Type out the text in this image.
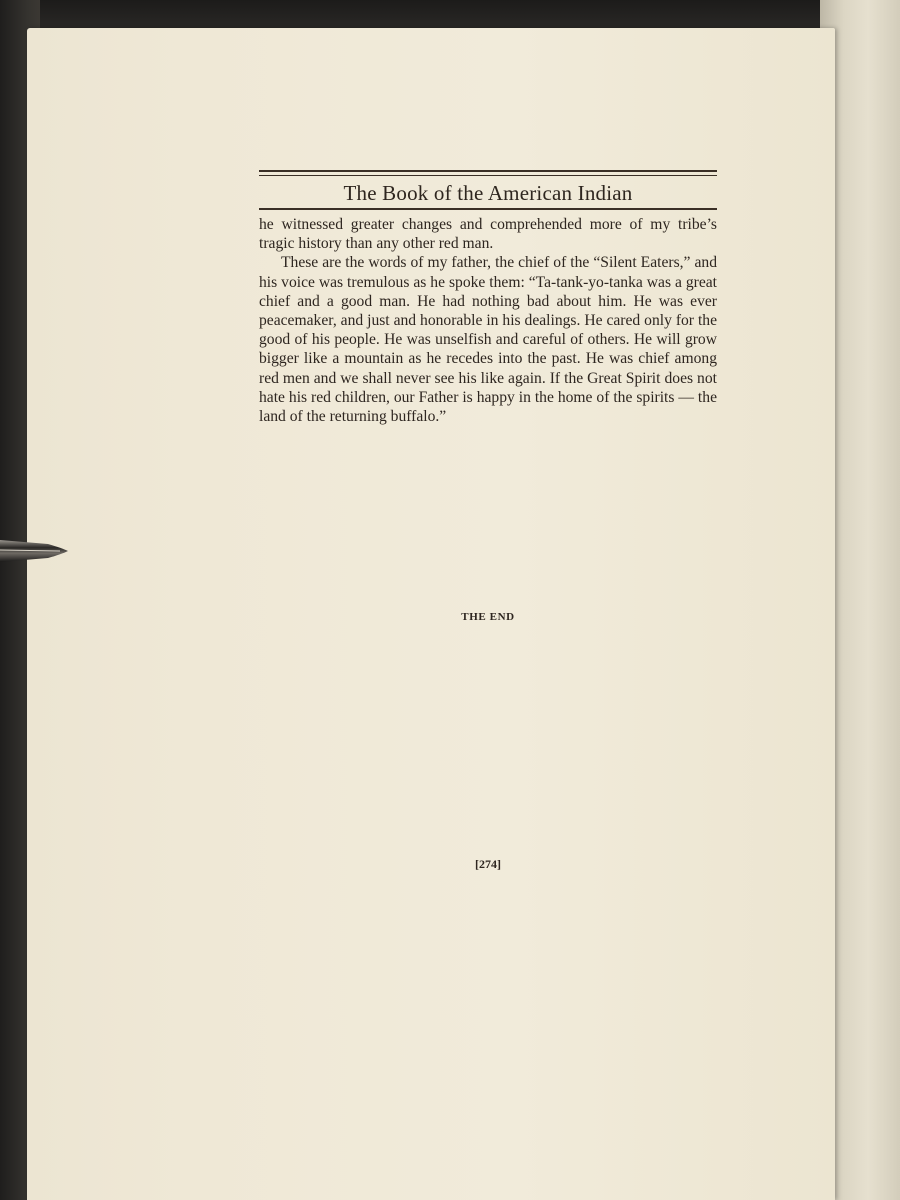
The Book of the American Indian

he witnessed greater changes and comprehended more of my tribe’s tragic history than any other red man.

These are the words of my father, the chief of the “Silent Eaters,” and his voice was tremulous as he spoke them: “Ta-tank-yo-tanka was a great chief and a good man. He had nothing bad about him. He was ever peacemaker, and just and honorable in his dealings. He cared only for the good of his people. He was unselfish and careful of others. He will grow bigger like a mountain as he recedes into the past. He was chief among red men and we shall never see his like again. If the Great Spirit does not hate his red children, our Father is happy in the home of the spirits — the land of the returning buffalo.”

THE END
[274]
